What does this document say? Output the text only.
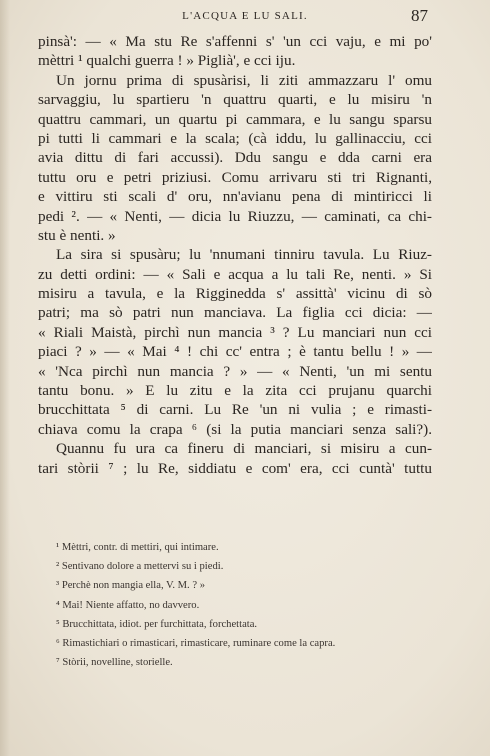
L'ACQUA E LU SALI.	87
pinsà': — « Ma stu Re s'affenni s' 'un cci vaju, e mi po'
mèttri ¹ qualchi guerra ! » Piglià', e cci iju.
Un jornu prima di spusàrisi, li ziti ammazzaru l' omu
sarvaggiu, lu spartieru 'n quattru quarti, e lu misiru 'n
quattru cammari, un quartu pi cammara, e lu sangu sparsu
pi tutti li cammari e la scala; (cà iddu, lu gallinacciu, cci
avia dittu di fari accussi). Ddu sangu e dda carni era
tuttu oru e petri priziusi. Comu arrivaru sti tri Rignanti,
e vittiru sti scali d' oru, nn'avianu pena di mintiricci li
pedi ². — « Nenti, — dicia lu Riuzzu, — caminati, ca chi-
stu è nenti. »
La sira si spusàru; lu 'nnumani tinniru tavula. Lu Riuz-
zu detti ordini: — « Sali e acqua a lu tali Re, nenti. » Si
misiru a tavula, e la Rigginedda s' assittà' vicinu di sò
patri; ma sò patri nun manciava. La figlia cci dicia: —
« Riali Maistà, pirchì nun mancia ³ ? Lu manciari nun cci
piaci ? » — « Mai ⁴ ! chi cc' entra ; è tantu bellu ! » —
« 'Nca pirchì nun mancia ? » — « Nenti, 'un mi sentu
tantu bonu. » E lu zitu e la zita cci prujanu quarchi
brucchittata ⁵ di carni. Lu Re 'un ni vulia ; e rimasti-
chiava comu la crapa ⁶ (si la putia manciari senza sali?).
Quannu fu ura ca fineru di manciari, si misiru a cun-
tari stòrii ⁷ ; lu Re, siddiatu e com' era, cci cuntà' tuttu
¹ Mèttri, contr. di mettiri, qui intimare.
² Sentivano dolore a mettervi su i piedi.
³ Perchè non mangia ella, V. M. ? »
⁴ Mai! Niente affatto, no davvero.
⁵ Brucchittata, idiot. per furchittata, forchettata.
⁶ Rimastichiari o rimasticari, rimasticare, ruminare come la capra.
⁷ Stòrii, novelline, storielle.
